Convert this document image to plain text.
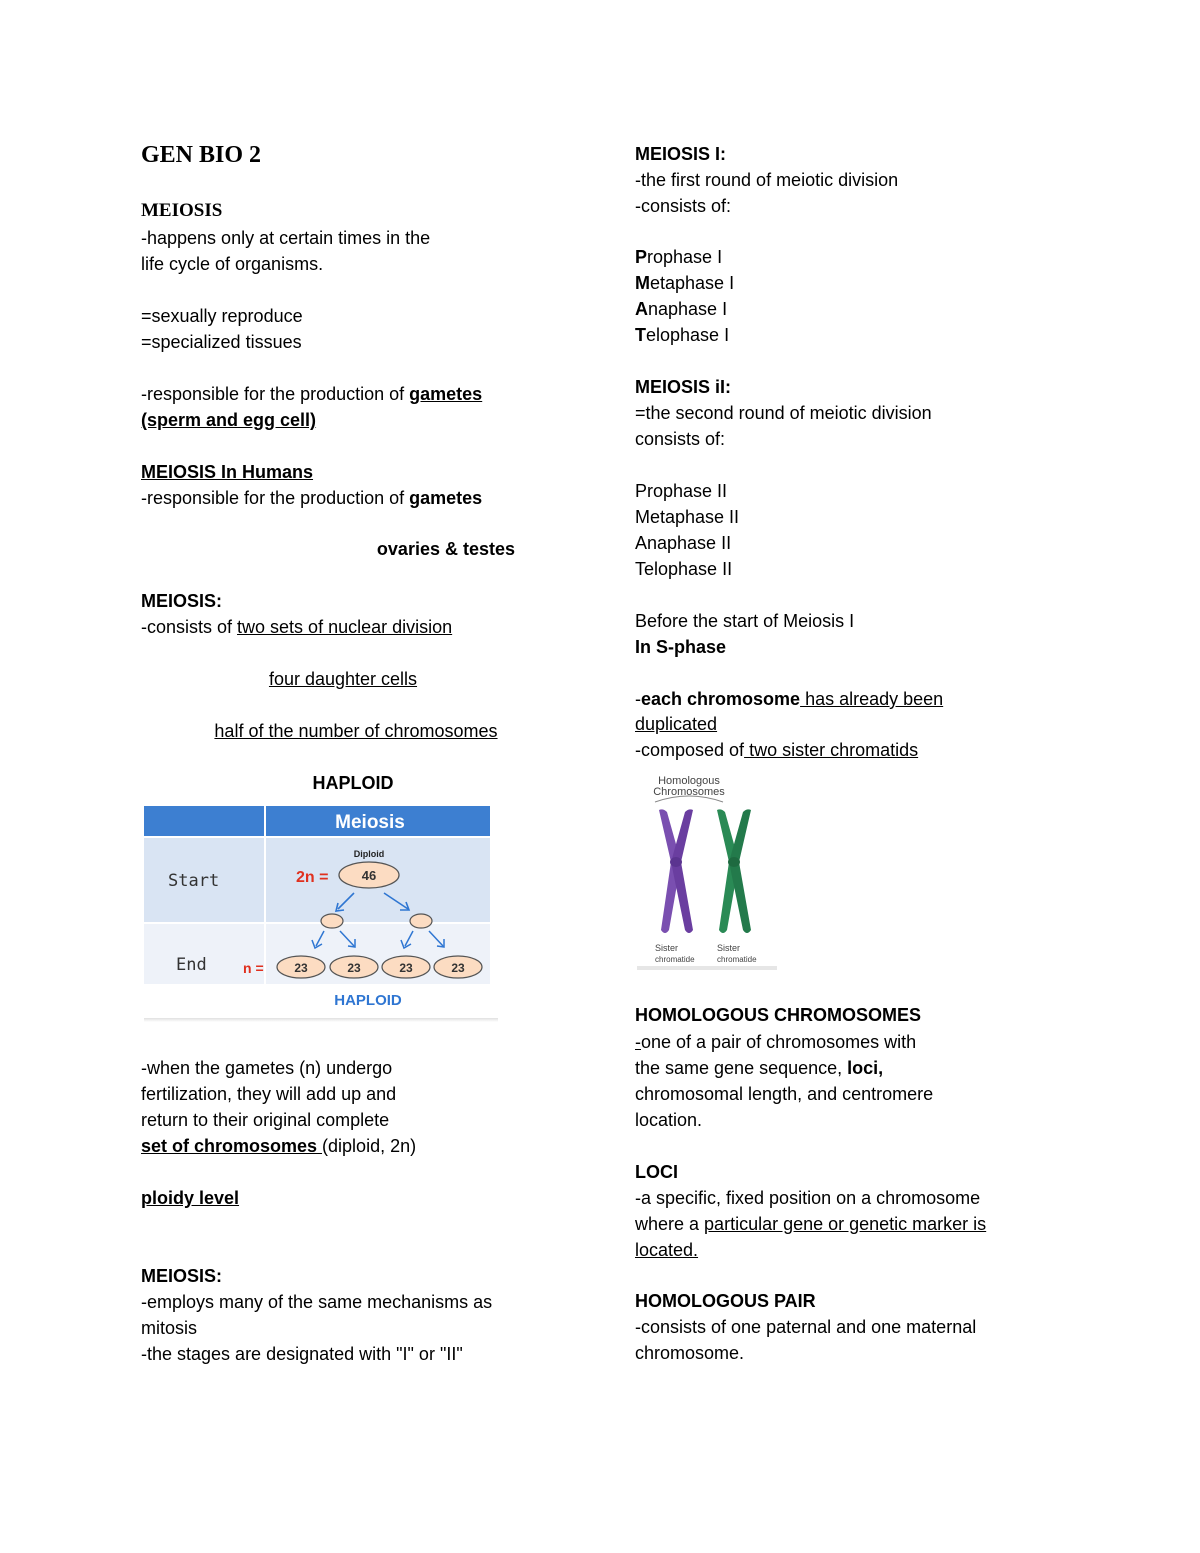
GEN BIO 2
MEIOSIS
-happens only at certain times in the
life cycle of organisms.
=sexually reproduce
=specialized tissues
-responsible for the production of gametes
(sperm and egg cell)
MEIOSIS In Humans
-responsible for the production of gametes
ovaries & testes
MEIOSIS:
-consists of two sets of nuclear division
four daughter cells
half of the number of chromosomes
HAPLOID
-when the gametes (n) undergo
fertilization, they will add up and
return to their original complete
set of chromosomes (diploid, 2n)
ploidy level
MEIOSIS:
-employs many of the same mechanisms as
mitosis
-the stages are designated with "I" or "II"
Meiosis
Start
End
Diploid
2n =	46
n =	23	23	23	23
HAPLOID
MEIOSIS I:
-the first round of meiotic division
-consists of:
Prophase I
Metaphase I
Anaphase I
Telophase I
MEIOSIS iI:
=the second round of meiotic division
consists of:
Prophase II
Metaphase II
Anaphase II
Telophase II
Before the start of Meiosis I
In S-phase
-each chromosome has already been
duplicated
-composed of two sister chromatids
HOMOLOGOUS CHROMOSOMES
-one of a pair of chromosomes with
the same gene sequence, loci,
chromosomal length, and centromere
location.
LOCI
-a specific, fixed position on a chromosome
where a particular gene or genetic marker is
located.
HOMOLOGOUS PAIR
-consists of one paternal and one maternal
chromosome.
Homologous
Chromosomes
Sister
chromatide
Sister
chromatide
